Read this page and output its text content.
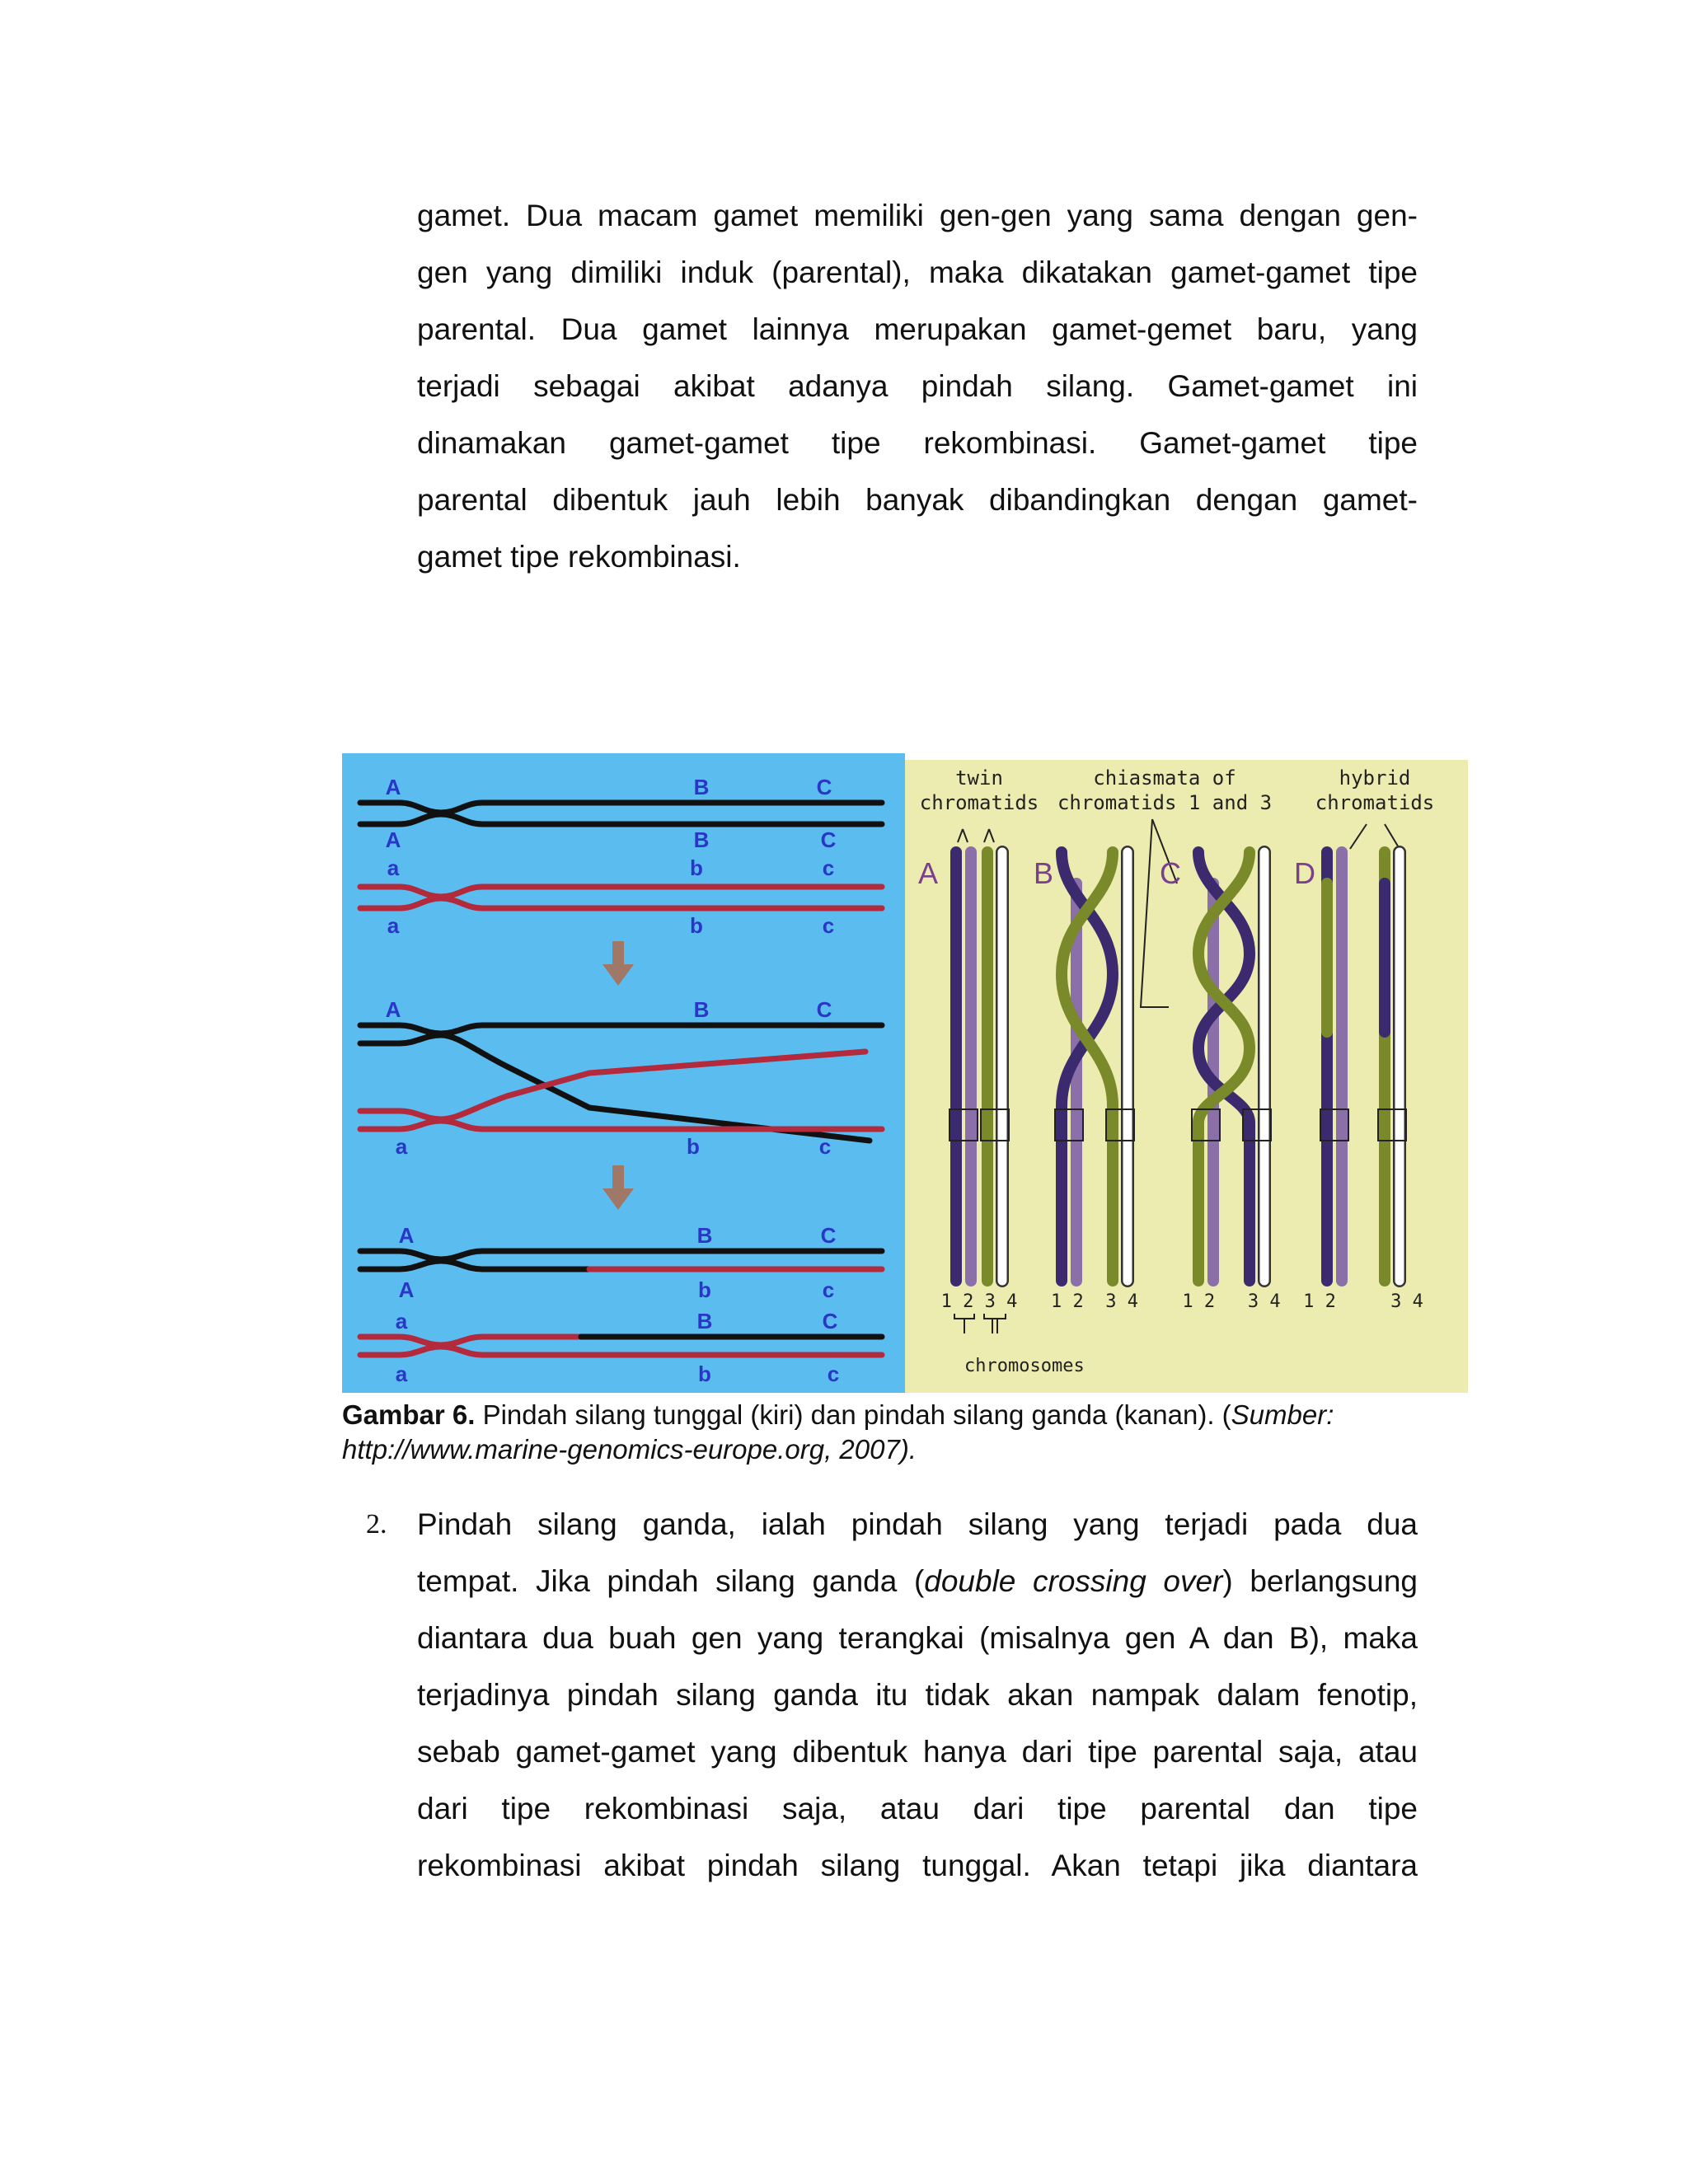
gamet. Dua macam gamet memiliki gen-gen yang sama dengan gen-
gen yang dimiliki induk (parental), maka dikatakan gamet-gamet tipe
parental. Dua gamet lainnya merupakan gamet-gemet baru, yang
terjadi sebagai akibat adanya pindah silang. Gamet-gamet ini
dinamakan gamet-gamet tipe rekombinasi. Gamet-gamet tipe
parental dibentuk jauh lebih banyak dibandingkan dengan gamet-
gamet tipe rekombinasi.
A	B	C
A	B	C
a	b	c
a	b	c
A	B	C
a	b	c
A	B	C
A	b	c
a	B	C
a	b	c
twin
chromatids
chiasmata of
chromatids 1 and 3
hybrid
chromatids
A	B	C	D
1 2 3 4 1 2  3 4 1 2   3 4 1 2     3 4
chromosomes
Gambar 6. Pindah silang tunggal (kiri) dan pindah silang ganda (kanan). (Sumber:
http://www.marine-genomics-europe.org, 2007).
2. Pindah silang ganda, ialah pindah silang yang terjadi pada dua
tempat. Jika pindah silang ganda (double crossing over) berlangsung
diantara dua buah gen yang terangkai (misalnya gen A dan B), maka
terjadinya pindah silang ganda itu tidak akan nampak dalam fenotip,
sebab gamet-gamet yang dibentuk hanya dari tipe parental saja, atau
dari tipe rekombinasi saja, atau dari tipe parental dan tipe
rekombinasi akibat pindah silang tunggal. Akan tetapi jika diantara
